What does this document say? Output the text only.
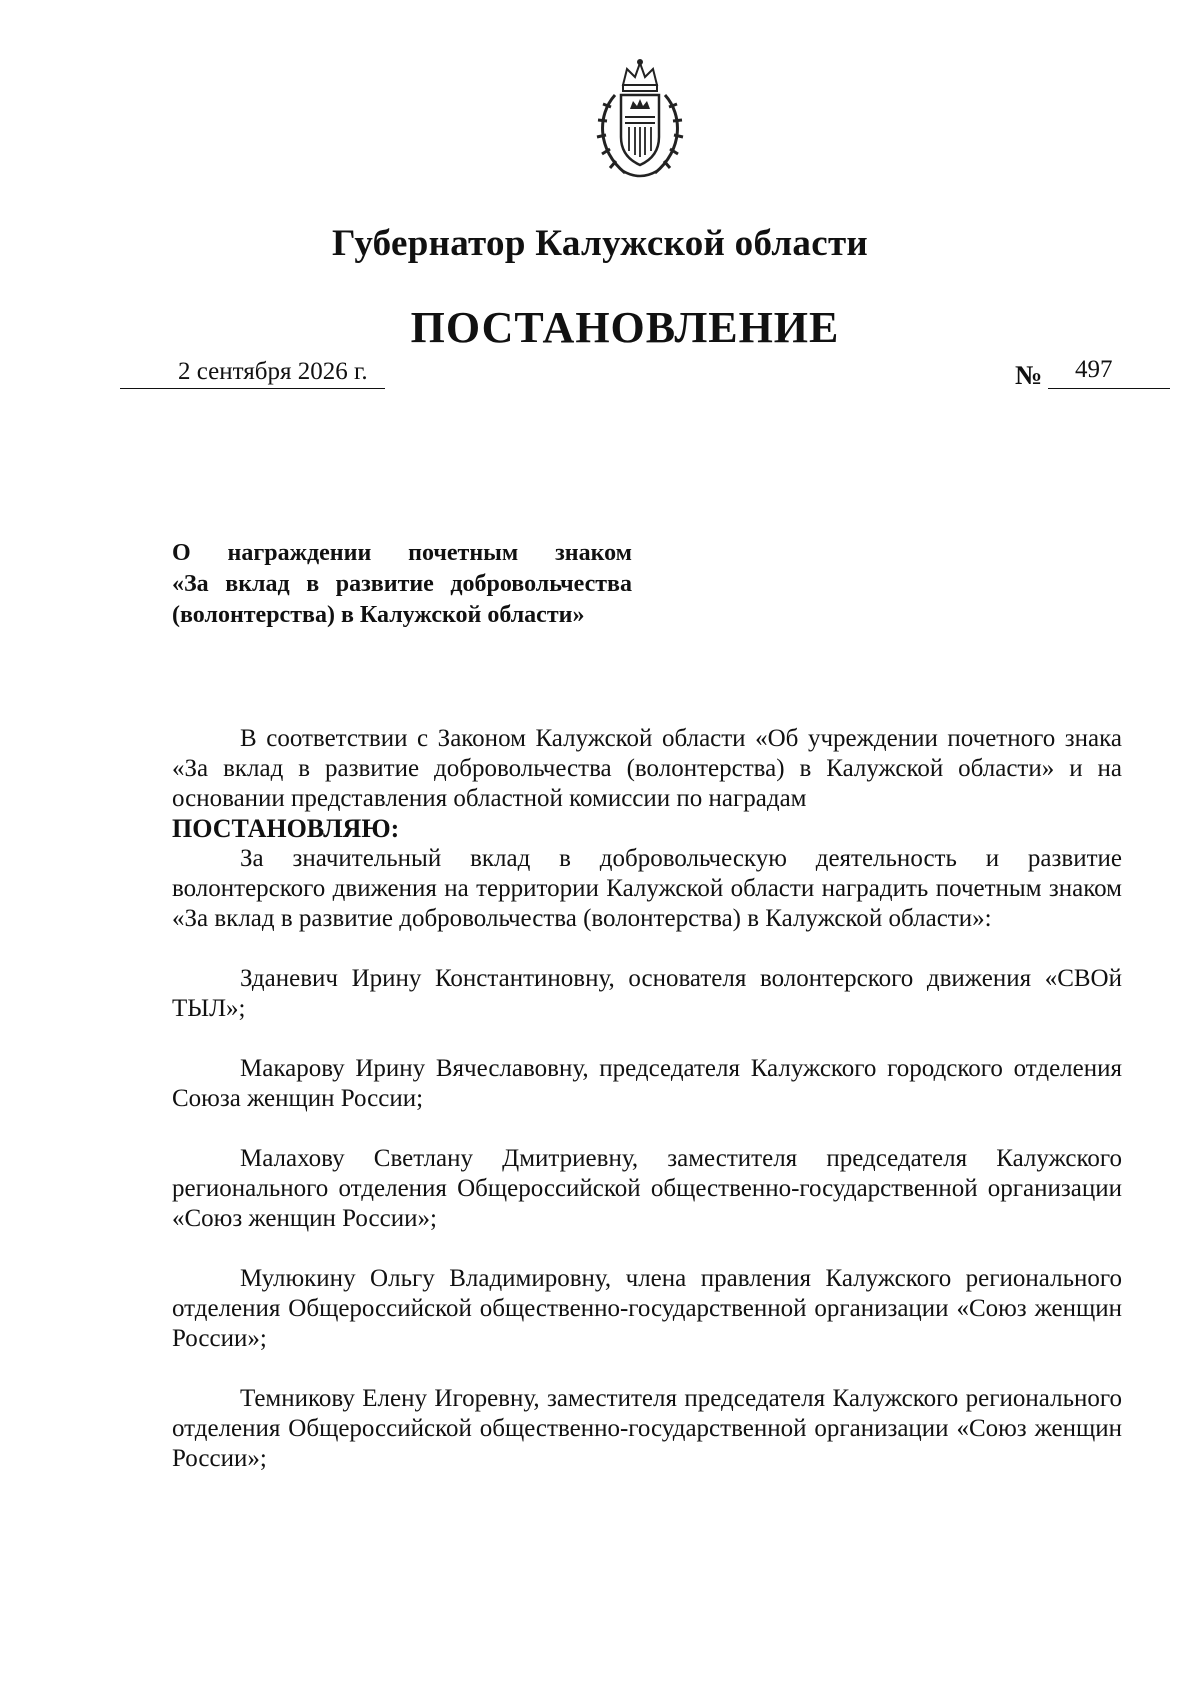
Губернатор Калужской области
ПОСТАНОВЛЕНИЕ
2 сентября 2026 г.	№ 497
О награждении почетным знаком
«За вклад в развитие добровольчества
(волонтерства) в Калужской области»

В соответствии с Законом Калужской области «Об учреждении почетного знака «За вклад в развитие добровольчества (волонтерства) в Калужской области» и на основании представления областной комиссии по наградам

ПОСТАНОВЛЯЮ:

За значительный вклад в добровольческую деятельность и развитие волонтерского движения на территории Калужской области наградить почетным знаком «За вклад в развитие добровольчества (волонтерства) в Калужской области»:

Зданевич Ирину Константиновну, основателя волонтерского движения «СВОй ТЫЛ»;

Макарову Ирину Вячеславовну, председателя Калужского городского отделения Союза женщин России;

Малахову Светлану Дмитриевну, заместителя председателя Калужского регионального отделения Общероссийской общественно-государственной организации «Союз женщин России»;

Мулюкину Ольгу Владимировну, члена правления Калужского регионального отделения Общероссийской общественно-государственной организации «Союз женщин России»;

Темникову Елену Игоревну, заместителя председателя Калужского регионального отделения Общероссийской общественно-государственной организации «Союз женщин России»;
